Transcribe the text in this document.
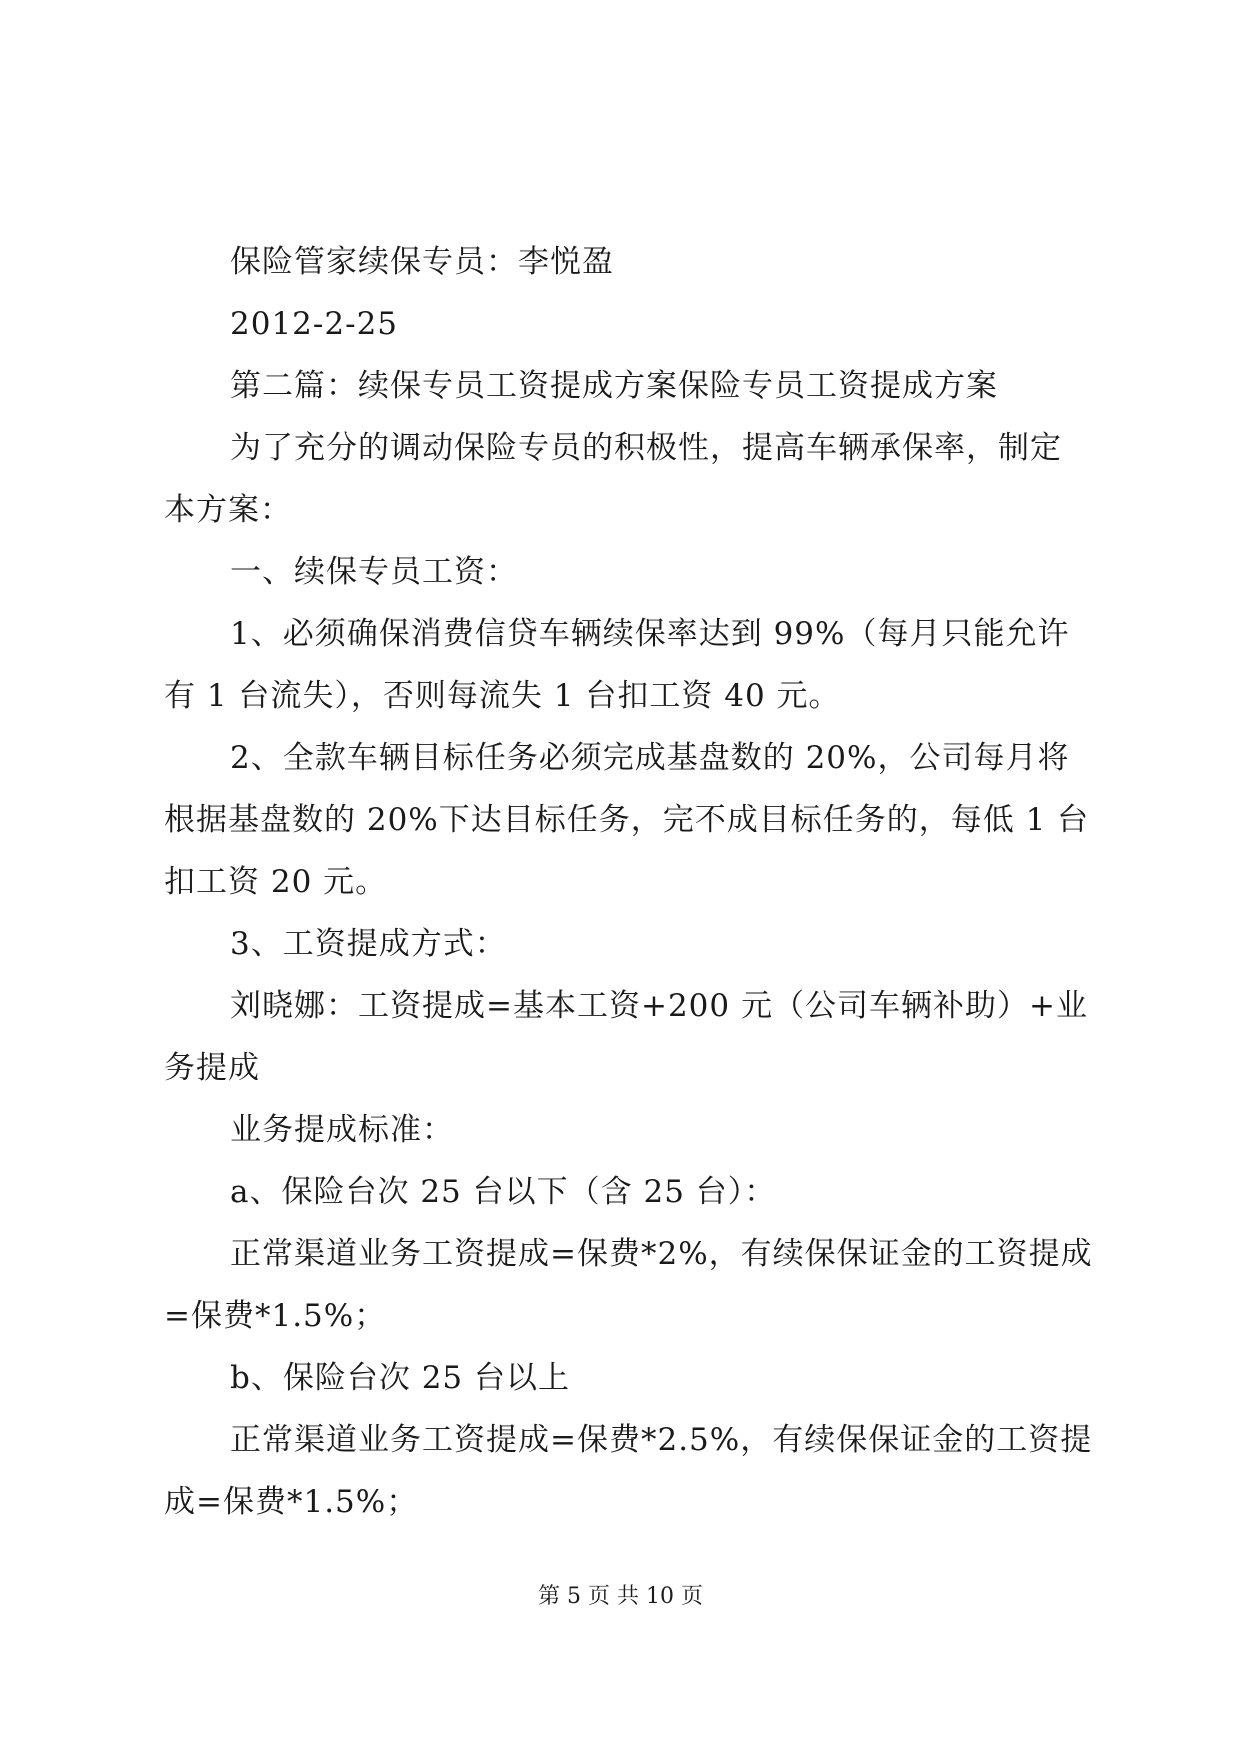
保险管家续保专员：李悦盈
2012-2-25
第二篇：续保专员工资提成方案保险专员工资提成方案
为了充分的调动保险专员的积极性，提高车辆承保率，制定
本方案：
一、续保专员工资：
1、必须确保消费信贷车辆续保率达到 99%（每月只能允许
有 1 台流失），否则每流失 1 台扣工资 40 元。
2、全款车辆目标任务必须完成基盘数的 20%，公司每月将
根据基盘数的 20%下达目标任务，完不成目标任务的，每低 1 台
扣工资 20 元。
3、工资提成方式：
刘晓娜：工资提成=基本工资+200 元（公司车辆补助）+业
务提成
业务提成标准：
a、保险台次 25 台以下（含 25 台）：
正常渠道业务工资提成=保费*2%，有续保保证金的工资提成
=保费*1.5%；
b、保险台次 25 台以上
正常渠道业务工资提成=保费*2.5%，有续保保证金的工资提
成=保费*1.5%；
第 5 页 共 10 页
